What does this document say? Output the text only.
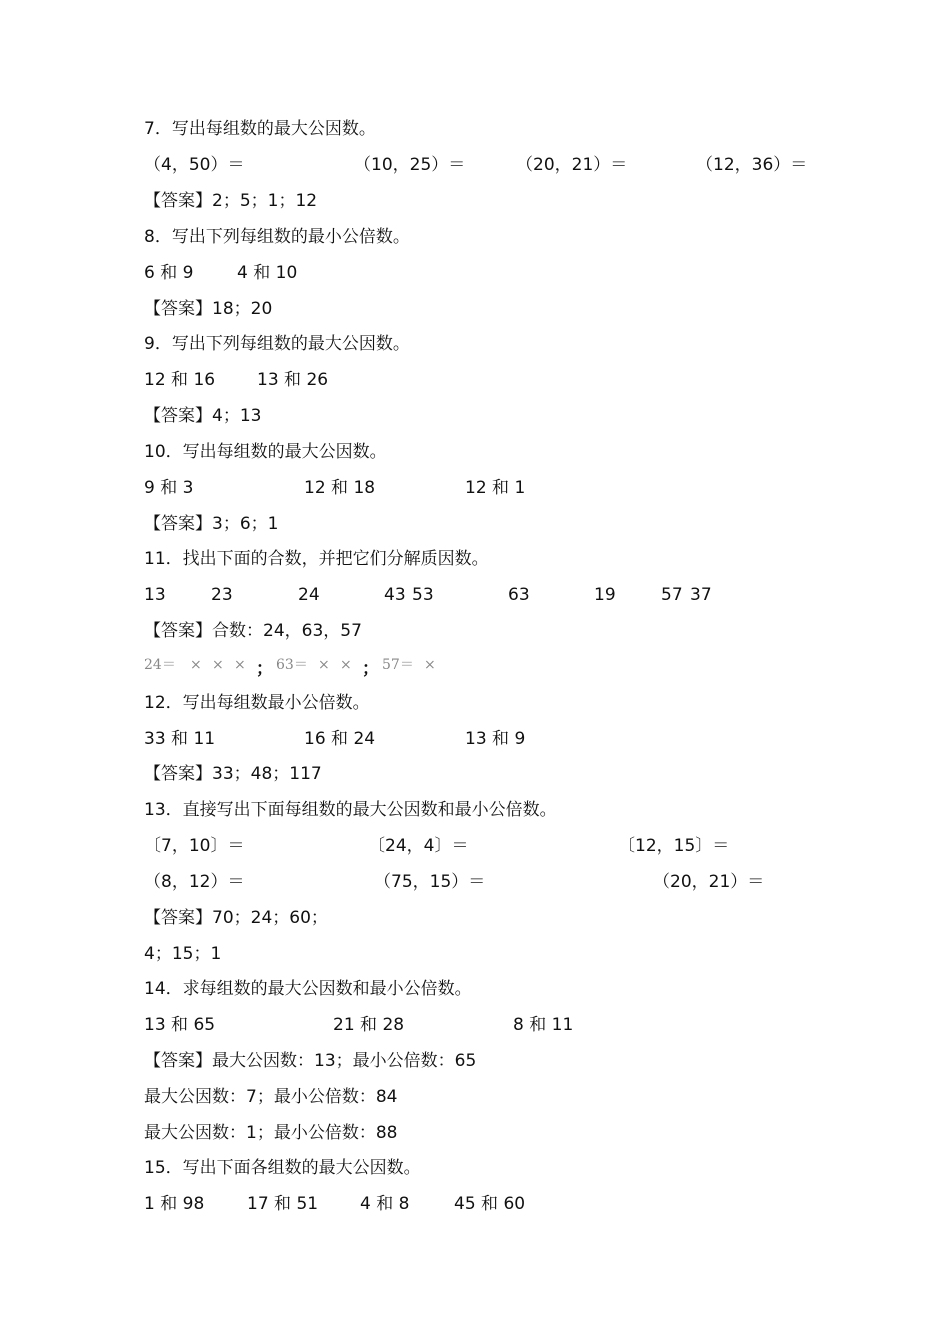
7．写出每组数的最大公因数。
（4，50）＝	（10，25）＝	（20，21）＝	（12，36）＝
【答案】2；5；1；12
8．写出下列每组数的最小公倍数。
6 和 9	4 和 10
【答案】18；20
9．写出下列每组数的最大公因数。
12 和 16 13 和 26
【答案】4；13
10．写出每组数的最大公因数。
9 和 3	12 和 18	12 和 1
【答案】3；6；1
11．找出下面的合数，并把它们分解质因数。
13	23	24	43 53	63	19	57 37
【答案】合数：24，63，57
24＝ × × × ； 63＝ × × ； 57＝ ×
12．写出每组数最小公倍数。
33 和 11	16 和 24	13 和 9
【答案】33；48；117
13．直接写出下面每组数的最大公因数和最小公倍数。
〔7，10〕＝	〔24，4〕＝	〔12，15〕＝
（8，12）＝	（75，15）＝	（20，21）＝
【答案】70；24；60；
4；15；1
14．求每组数的最大公因数和最小公倍数。
13 和 65	21 和 28	8 和 11
【答案】最大公因数：13；最小公倍数：65
最大公因数：7；最小公倍数：84
最大公因数：1；最小公倍数：88
15．写出下面各组数的最大公因数。
1 和 98	17 和 51 4 和 8	45 和 60
